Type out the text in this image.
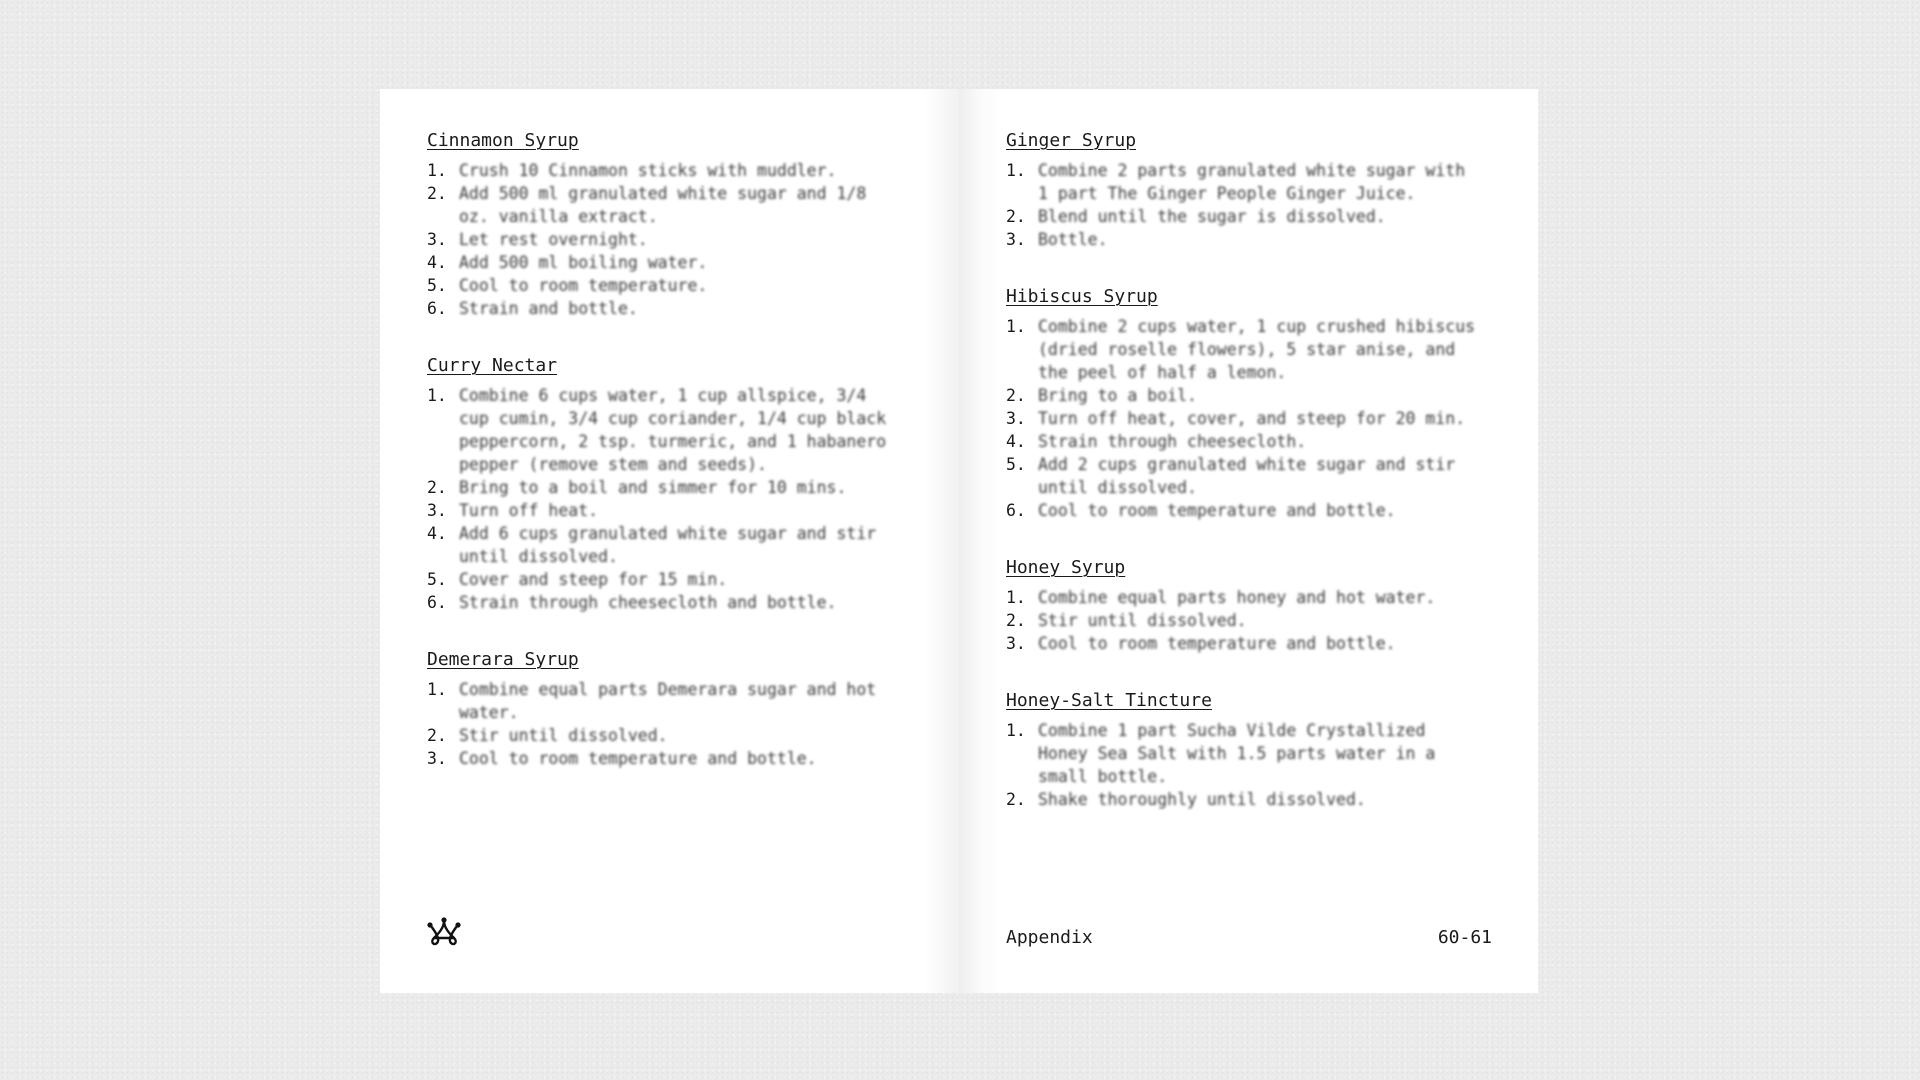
Cinnamon Syrup
1. Crush 10 Cinnamon sticks with muddler.
2. Add 500 ml granulated white sugar and 1/8 oz. vanilla extract.
3. Let rest overnight.
4. Add 500 ml boiling water.
5. Cool to room temperature.
6. Strain and bottle.
Curry Nectar
1. Combine 6 cups water, 1 cup allspice, 3/4 cup cumin, 3/4 cup coriander, 1/4 cup black peppercorn, 2 tsp. turmeric, and 1 habanero pepper (remove stem and seeds).
2. Bring to a boil and simmer for 10 mins.
3. Turn off heat.
4. Add 6 cups granulated white sugar and stir until dissolved.
5. Cover and steep for 15 min.
6. Strain through cheesecloth and bottle.
Demerara Syrup
1. Combine equal parts Demerara sugar and hot water.
2. Stir until dissolved.
3. Cool to room temperature and bottle.
Ginger Syrup
1. Combine 2 parts granulated white sugar with 1 part The Ginger People Ginger Juice.
2. Blend until the sugar is dissolved.
3. Bottle.
Hibiscus Syrup
1. Combine 2 cups water, 1 cup crushed hibiscus (dried roselle flowers), 5 star anise, and the peel of half a lemon.
2. Bring to a boil.
3. Turn off heat, cover, and steep for 20 min.
4. Strain through cheesecloth.
5. Add 2 cups granulated white sugar and stir until dissolved.
6. Cool to room temperature and bottle.
Honey Syrup
1. Combine equal parts honey and hot water.
2. Stir until dissolved.
3. Cool to room temperature and bottle.
Honey-Salt Tincture
1. Combine 1 part Sucha Vilde Crystallized Honey Sea Salt with 1.5 parts water in a small bottle.
2. Shake thoroughly until dissolved.
Appendix	60-61
